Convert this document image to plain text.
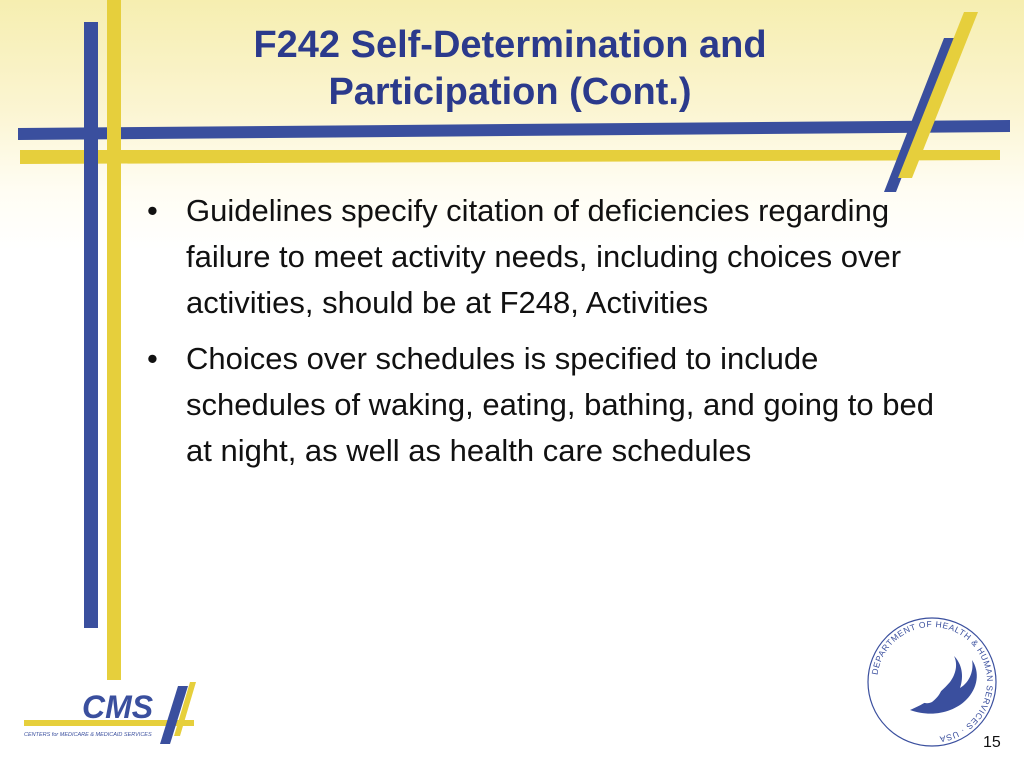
F242 Self-Determination and
Participation (Cont.)
• Guidelines specify citation of deficiencies regarding failure to meet activity needs, including choices over activities, should be at F248, Activities
• Choices over schedules is specified to include schedules of waking, eating, bathing, and going to bed at night, as well as health care schedules
CMS
CENTERS for MEDICARE & MEDICAID SERVICES
DEPARTMENT OF HEALTH & HUMAN SERVICES · USA	15
